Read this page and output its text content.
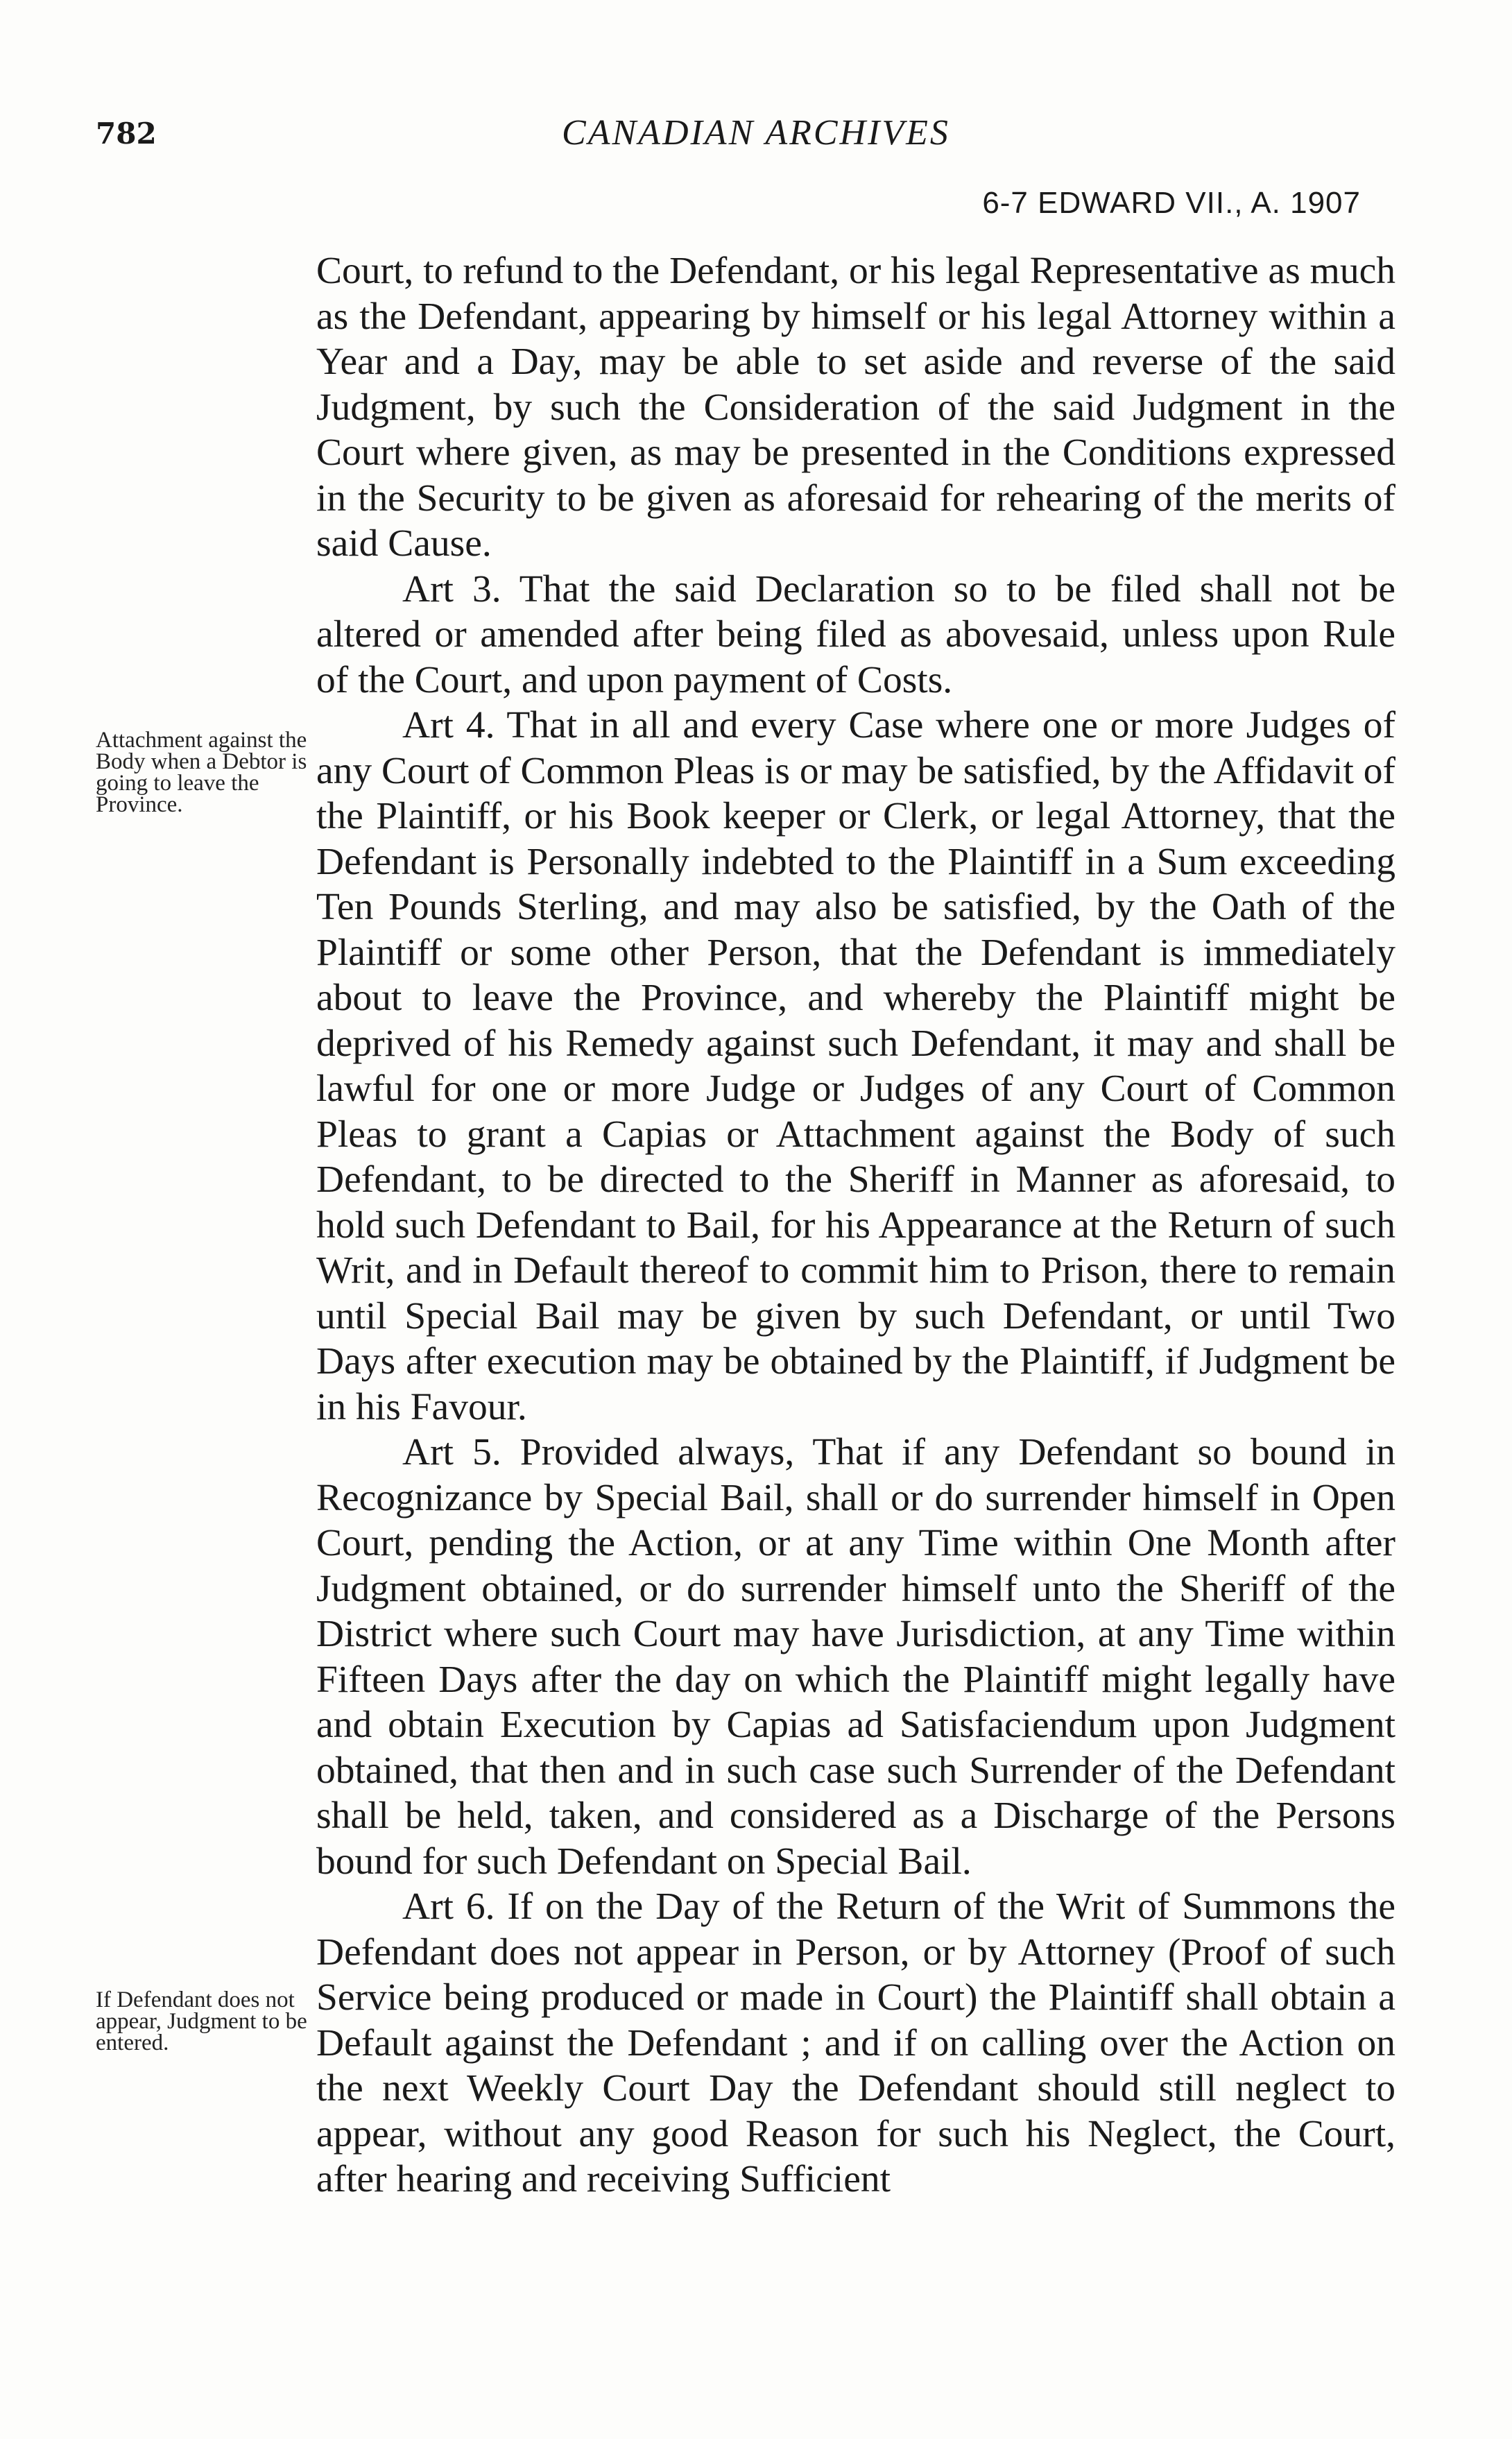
782	CANADIAN ARCHIVES
6-7 EDWARD VII., A. 1907
Attachment against the Body when a Debtor is going to leave the Province.
If Defendant does not appear, Judgment to be entered.

Court, to refund to the Defendant, or his legal Representative as much as the Defendant, appearing by himself or his legal Attorney within a Year and a Day, may be able to set aside and reverse of the said Judgment, by such the Consideration of the said Judgment in the Court where given, as may be presented in the Conditions expressed in the Security to be given as aforesaid for rehearing of the merits of said Cause.

Art 3. That the said Declaration so to be filed shall not be altered or amended after being filed as abovesaid, unless upon Rule of the Court, and upon payment of Costs.

Art 4. That in all and every Case where one or more Judges of any Court of Common Pleas is or may be satisfied, by the Affidavit of the Plaintiff, or his Book keeper or Clerk, or legal Attorney, that the Defendant is Personally indebted to the Plaintiff in a Sum exceeding Ten Pounds Sterling, and may also be satisfied, by the Oath of the Plaintiff or some other Person, that the Defendant is immediately about to leave the Province, and whereby the Plaintiff might be deprived of his Remedy against such Defendant, it may and shall be lawful for one or more Judge or Judges of any Court of Common Pleas to grant a Capias or Attachment against the Body of such Defendant, to be directed to the Sheriff in Manner as aforesaid, to hold such Defendant to Bail, for his Appearance at the Return of such Writ, and in Default thereof to commit him to Prison, there to remain until Special Bail may be given by such Defendant, or until Two Days after execution may be obtained by the Plaintiff, if Judgment be in his Favour.

Art 5. Provided always, That if any Defendant so bound in Recognizance by Special Bail, shall or do surrender himself in Open Court, pending the Action, or at any Time within One Month after Judgment obtained, or do surrender himself unto the Sheriff of the District where such Court may have Jurisdiction, at any Time within Fifteen Days after the day on which the Plaintiff might legally have and obtain Execution by Capias ad Satisfaciendum upon Judgment obtained, that then and in such case such Surrender of the Defendant shall be held, taken, and considered as a Discharge of the Persons bound for such Defendant on Special Bail.

Art 6. If on the Day of the Return of the Writ of Summons the Defendant does not appear in Person, or by Attorney (Proof of such Service being produced or made in Court) the Plaintiff shall obtain a Default against the Defendant ; and if on calling over the Action on the next Weekly Court Day the Defendant should still neglect to appear, without any good Reason for such his Neglect, the Court, after hearing and receiving Sufficient
